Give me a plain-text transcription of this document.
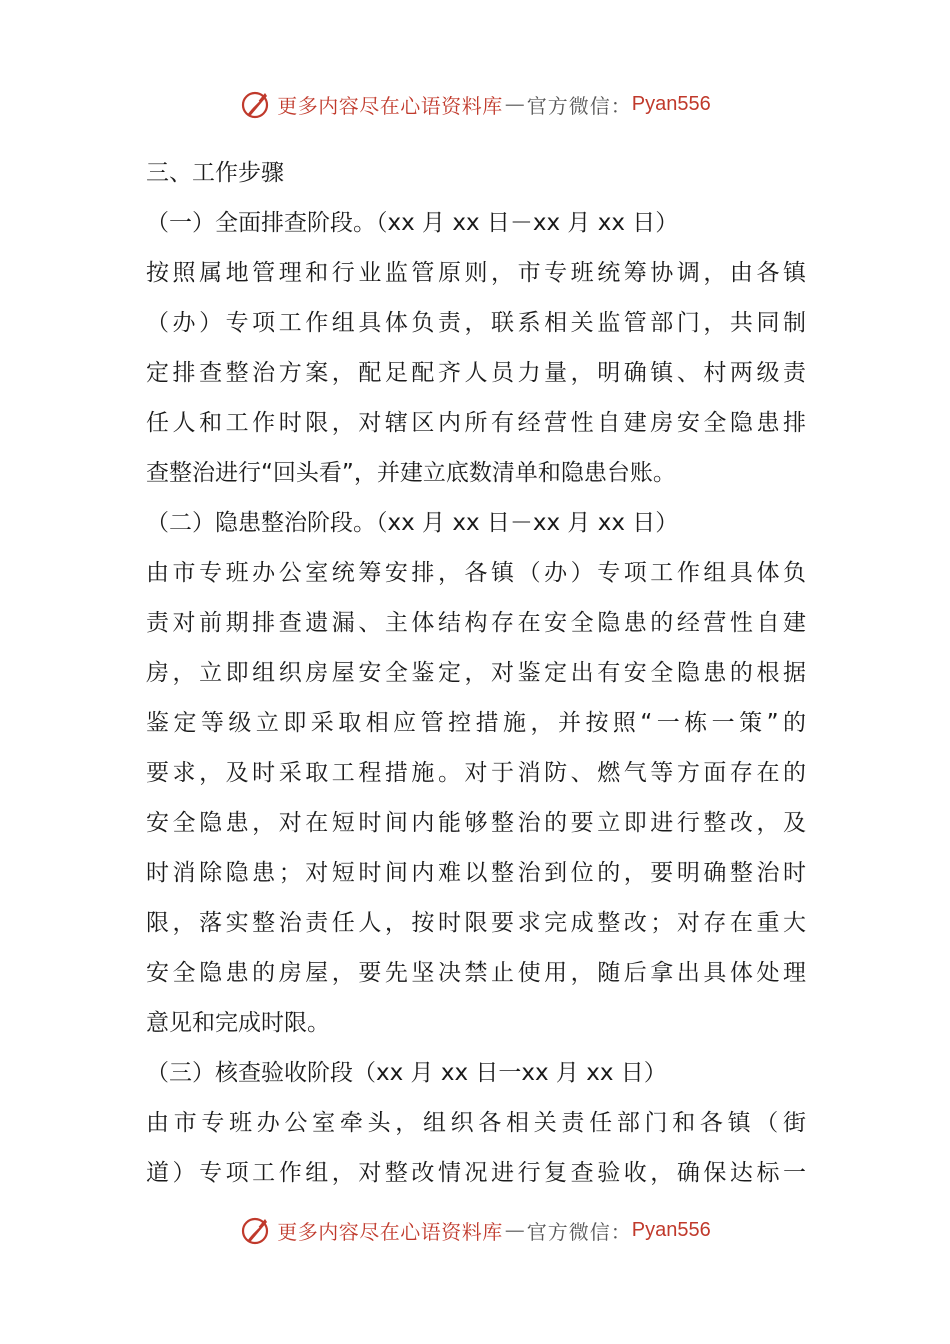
更多内容尽在心语资料库 — 官方微信： Pyan556
三、工作步骤
（一）全面排查阶段。（xx 月 xx 日－xx 月 xx 日）
按照属地管理和行业监管原则，市专班统筹协调，由各镇
（办）专项工作组具体负责，联系相关监管部门，共同制
定排查整治方案，配足配齐人员力量，明确镇、村两级责
任人和工作时限，对辖区内所有经营性自建房安全隐患排
查整治进行“回头看”，并建立底数清单和隐患台账。
（二）隐患整治阶段。（xx 月 xx 日－xx 月 xx 日）
由市专班办公室统筹安排，各镇（办）专项工作组具体负
责对前期排查遗漏、主体结构存在安全隐患的经营性自建
房，立即组织房屋安全鉴定，对鉴定出有安全隐患的根据
鉴定等级立即采取相应管控措施，并按照“一栋一策”的
要求，及时采取工程措施。对于消防、燃气等方面存在的
安全隐患，对在短时间内能够整治的要立即进行整改，及
时消除隐患；对短时间内难以整治到位的，要明确整治时
限，落实整治责任人，按时限要求完成整改；对存在重大
安全隐患的房屋，要先坚决禁止使用，随后拿出具体处理
意见和完成时限。
（三）核查验收阶段（xx 月 xx 日一xx 月 xx 日）
由市专班办公室牵头，组织各相关责任部门和各镇（街
道）专项工作组，对整改情况进行复查验收，确保达标一
更多内容尽在心语资料库 — 官方微信： Pyan556
